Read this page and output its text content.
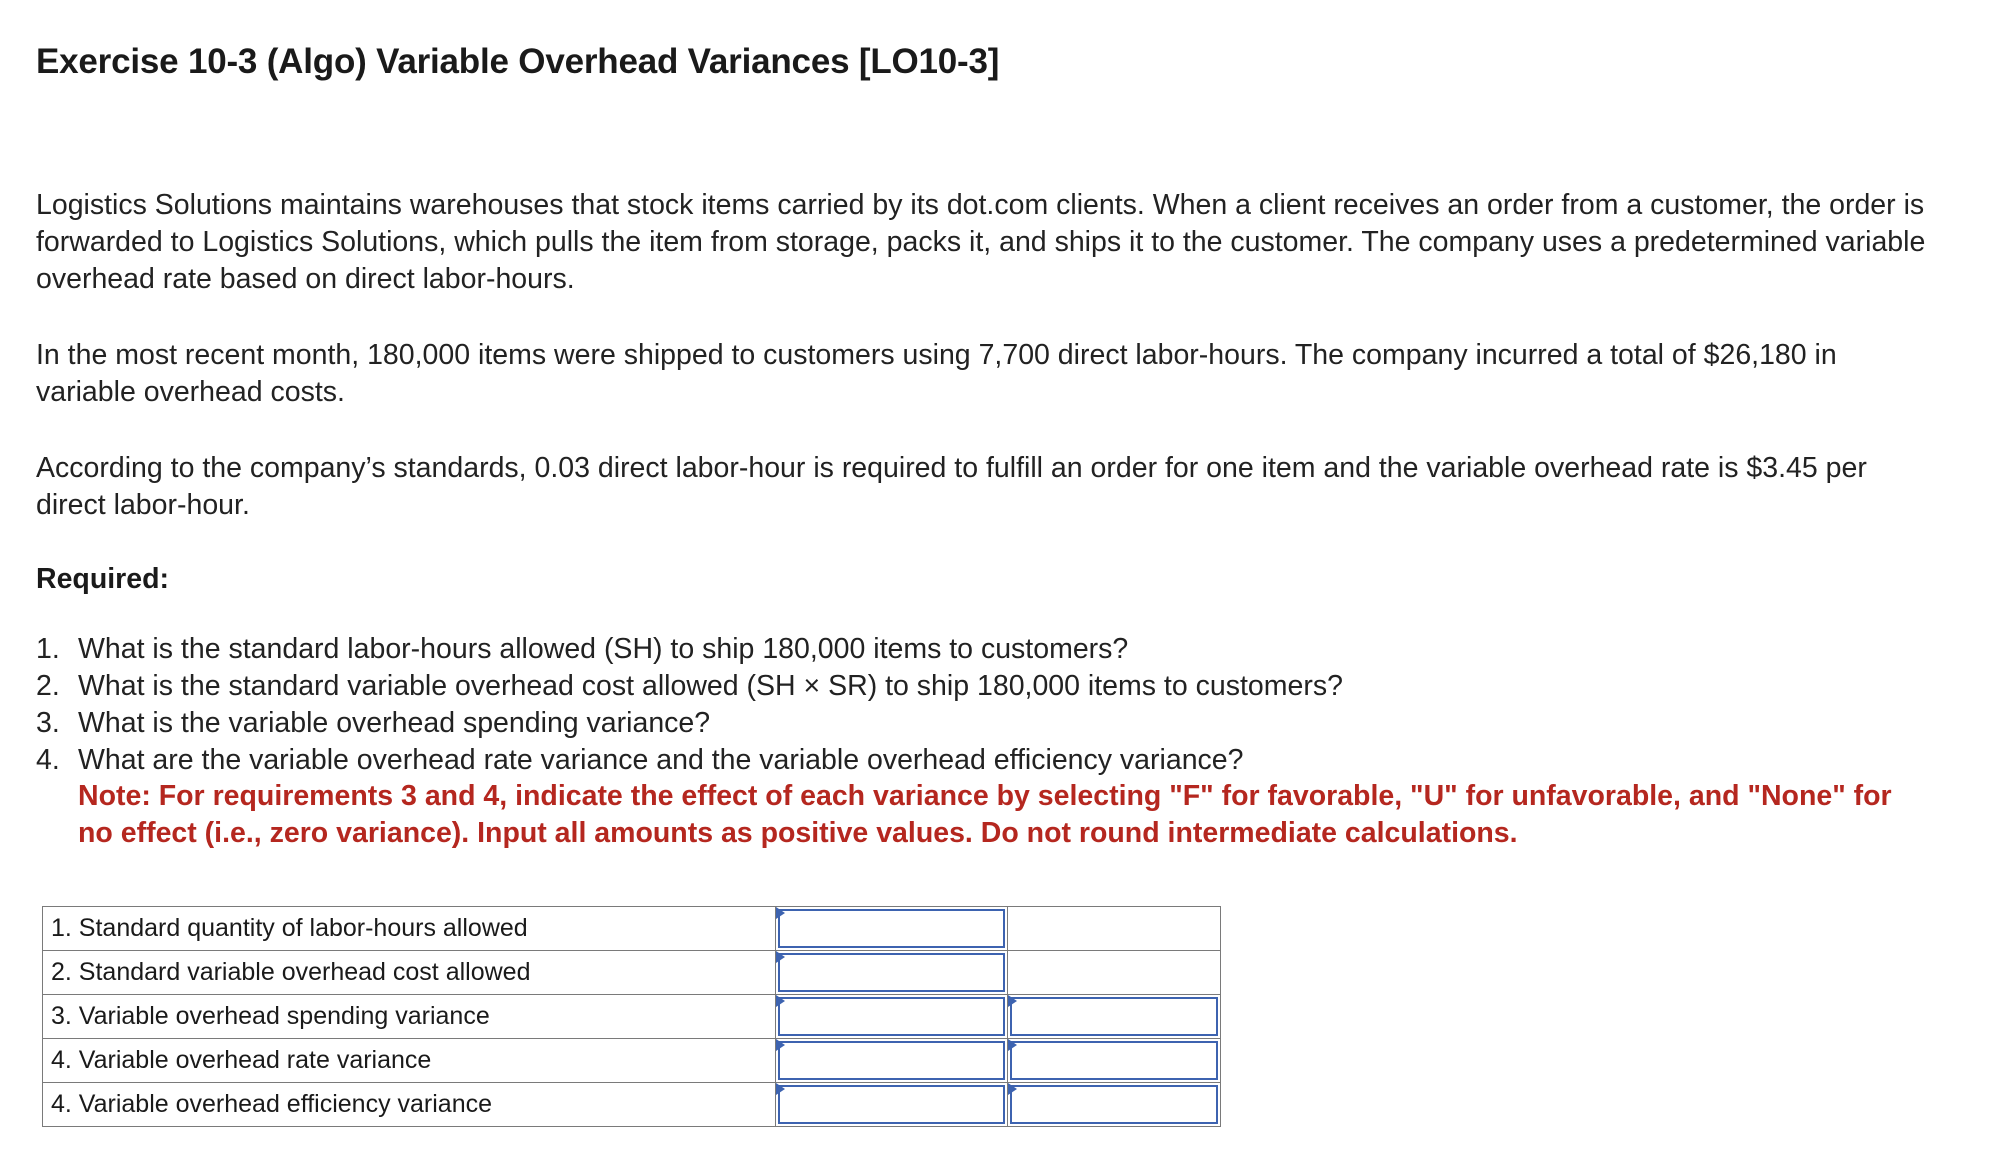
Exercise 10-3 (Algo) Variable Overhead Variances [LO10-3]

Logistics Solutions maintains warehouses that stock items carried by its dot.com clients. When a client receives an order from a customer, the order is forwarded to Logistics Solutions, which pulls the item from storage, packs it, and ships it to the customer. The company uses a predetermined variable overhead rate based on direct labor-hours.

In the most recent month, 180,000 items were shipped to customers using 7,700 direct labor-hours. The company incurred a total of $26,180 in variable overhead costs.

According to the company’s standards, 0.03 direct labor-hour is required to fulfill an order for one item and the variable overhead rate is $3.45 per direct labor-hour.

Required:

1. What is the standard labor-hours allowed (SH) to ship 180,000 items to customers?
2. What is the standard variable overhead cost allowed (SH × SR) to ship 180,000 items to customers?
3. What is the variable overhead spending variance?
4. What are the variable overhead rate variance and the variable overhead efficiency variance?

Note: For requirements 3 and 4, indicate the effect of each variance by selecting "F" for favorable, "U" for unfavorable, and "None" for no effect (i.e., zero variance). Input all amounts as positive values. Do not round intermediate calculations.

1. Standard quantity of labor-hours allowed	

2. Standard variable overhead cost allowed	

3. Variable overhead spending variance	

4. Variable overhead rate variance	

4. Variable overhead efficiency variance	
